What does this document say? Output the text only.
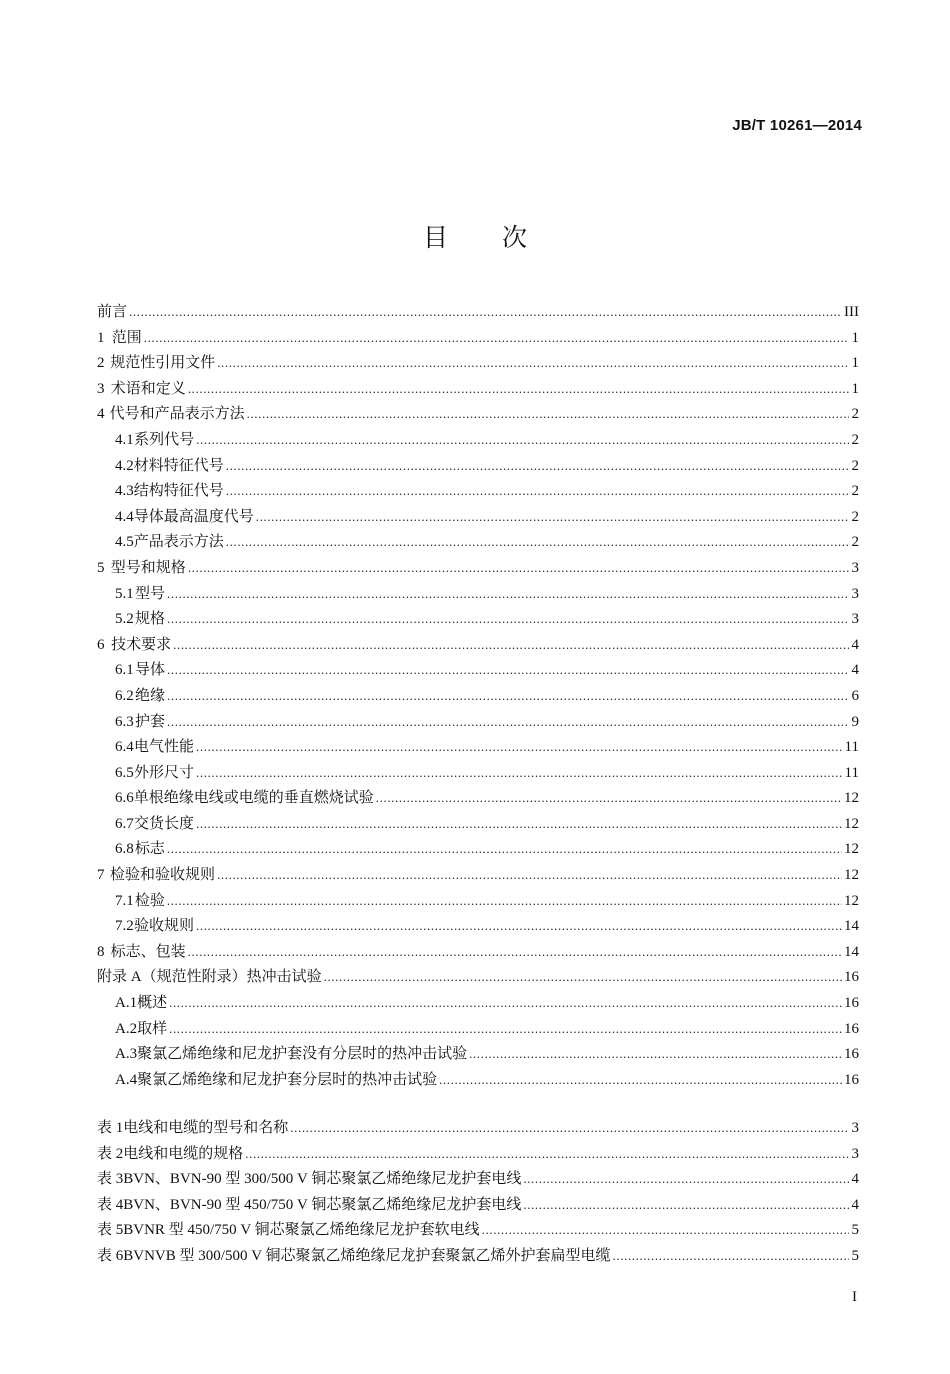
JB/T 10261—2014
目 次
前言 .....	III
1 范围 .....	1
2 规范性引用文件 .....	1
3 术语和定义 .....	1
4 代号和产品表示方法 .....	2
4.1 系列代号 .....	2
4.2 材料特征代号 .....	2
4.3 结构特征代号 .....	2
4.4 导体最高温度代号 .....	2
4.5 产品表示方法 .....	2
5 型号和规格 .....	3
5.1 型号 .....	3
5.2 规格 .....	3
6 技术要求 .....	4
6.1 导体 .....	4
6.2 绝缘 .....	6
6.3 护套 .....	9
6.4 电气性能 .....	11
6.5 外形尺寸 .....	11
6.6 单根绝缘电线或电缆的垂直燃烧试验 .....	12
6.7 交货长度 .....	12
6.8 标志 .....	12
7 检验和验收规则 .....	12
7.1 检验 .....	12
7.2 验收规则 .....	14
8 标志、包装 .....	14
附录 A（规范性附录）热冲击试验 .....	16
A.1 概述 .....	16
A.2 取样 .....	16
A.3 聚氯乙烯绝缘和尼龙护套没有分层时的热冲击试验 .....	16
A.4 聚氯乙烯绝缘和尼龙护套分层时的热冲击试验 .....	16
表 1 电线和电缆的型号和名称 .....	3
表 2 电线和电缆的规格 .....	3
表 3 BVN、BVN-90 型 300/500 V 铜芯聚氯乙烯绝缘尼龙护套电线 .....	4
表 4 BVN、BVN-90 型 450/750 V 铜芯聚氯乙烯绝缘尼龙护套电线 .....	4
表 5 BVNR 型 450/750 V 铜芯聚氯乙烯绝缘尼龙护套软电线 .....	5
表 6 BVNVB 型 300/500 V 铜芯聚氯乙烯绝缘尼龙护套聚氯乙烯外护套扁型电缆 .....	5
I
